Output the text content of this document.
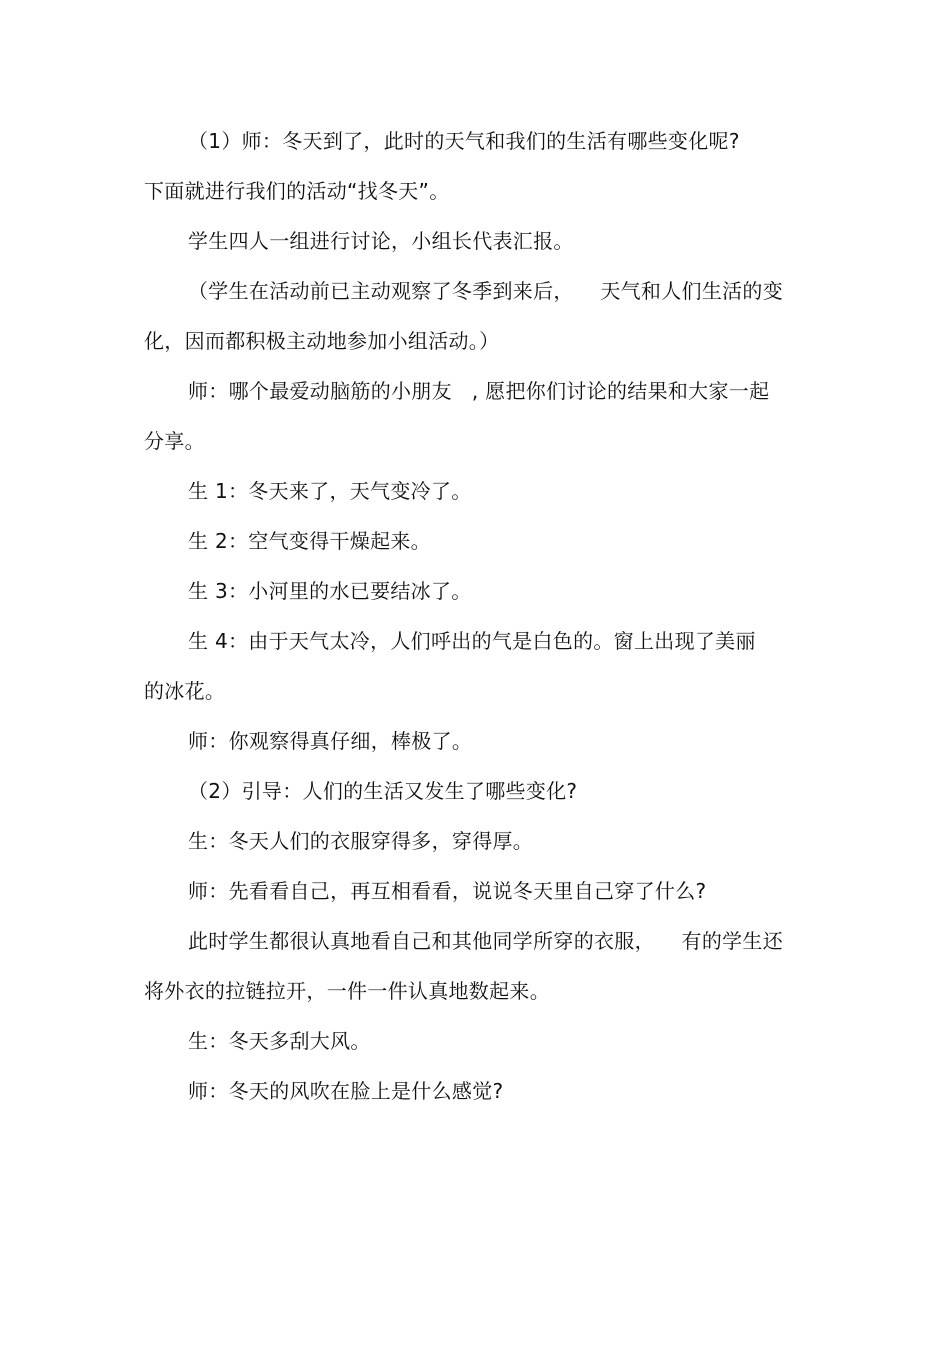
（1）师：冬天到了，此时的天气和我们的生活有哪些变化呢?
下面就进行我们的活动“找冬天”。
学生四人一组进行讨论，小组长代表汇报。
（学生在活动前已主动观察了冬季到来后，    天气和人们生活的变
化，因而都积极主动地参加小组活动。）
师：哪个最爱动脑筋的小朋友   , 愿把你们讨论的结果和大家一起
分享。
生 1：冬天来了，天气变冷了。
生 2：空气变得干燥起来。
生 3：小河里的水已要结冰了。
生 4：由于天气太冷，人们呼出的气是白色的。窗上出现了美丽
的冰花。
师：你观察得真仔细，棒极了。
（2）引导：人们的生活又发生了哪些变化?
生：冬天人们的衣服穿得多，穿得厚。
师：先看看自己，再互相看看，说说冬天里自己穿了什么?
此时学生都很认真地看自己和其他同学所穿的衣服，    有的学生还
将外衣的拉链拉开，一件一件认真地数起来。
生：冬天多刮大风。
师：冬天的风吹在脸上是什么感觉?
